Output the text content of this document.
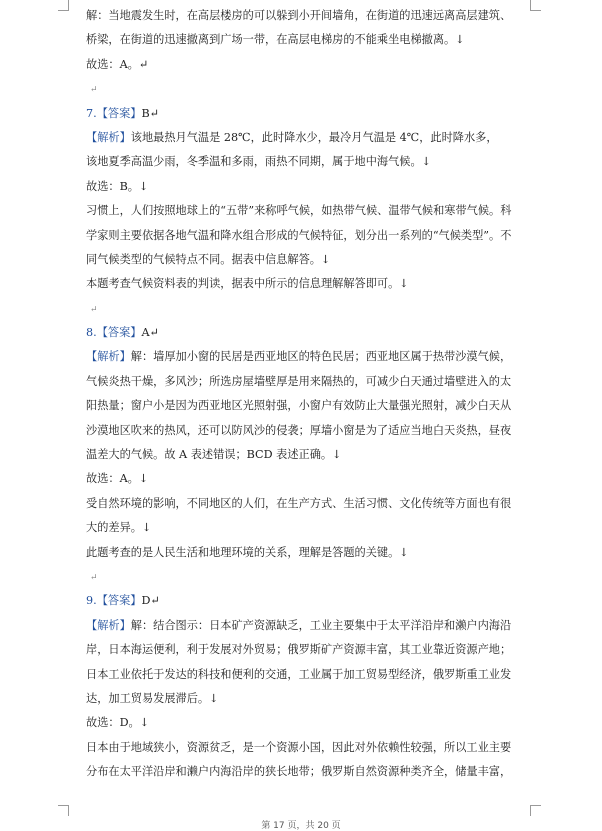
解：当地震发生时，在高层楼房的可以躲到小开间墙角，在街道的迅速远离高层建筑、
桥梁，在街道的迅速撤离到广场一带，在高层电梯房的不能乘坐电梯撤离。↓
故选：A。↵
↵
7.【答案】B↵
【解析】该地最热月气温是 28℃，此时降水少，最冷月气温是 4℃，此时降水多，
该地夏季高温少雨，冬季温和多雨，雨热不同期，属于地中海气候。↓
故选：B。↓
习惯上，人们按照地球上的“五带”来称呼气候，如热带气候、温带气候和寒带气候。科
学家则主要依据各地气温和降水组合形成的气候特征，划分出一系列的“气候类型”。不
同气候类型的气候特点不同。据表中信息解答。↓
本题考查气候资料表的判读，据表中所示的信息理解解答即可。↓
↵
8.【答案】A↵
【解析】解：墙厚加小窗的民居是西亚地区的特色民居；西亚地区属于热带沙漠气候，
气候炎热干燥，多风沙；所选房屋墙壁厚是用来隔热的，可减少白天通过墙壁进入的太
阳热量；窗户小是因为西亚地区光照射强，小窗户有效防止大量强光照射，减少白天从
沙漠地区吹来的热风，还可以防风沙的侵袭；厚墙小窗是为了适应当地白天炎热，昼夜
温差大的气候。故 A 表述错误；BCD 表述正确。↓
故选：A。↓
受自然环境的影响，不同地区的人们，在生产方式、生活习惯、文化传统等方面也有很
大的差异。↓
此题考查的是人民生活和地理环境的关系，理解是答题的关键。↓
↵
9.【答案】D↵
【解析】解：结合图示：日本矿产资源缺乏，工业主要集中于太平洋沿岸和濑户内海沿
岸，日本海运便利，利于发展对外贸易；俄罗斯矿产资源丰富，其工业靠近资源产地；
日本工业依托于发达的科技和便利的交通，工业属于加工贸易型经济，俄罗斯重工业发
达，加工贸易发展滞后。↓
故选：D。↓
日本由于地域狭小，资源贫乏，是一个资源小国，因此对外依赖性较强，所以工业主要
分布在太平洋沿岸和濑户内海沿岸的狭长地带；俄罗斯自然资源种类齐全，储量丰富，
第 17 页，共 20 页
